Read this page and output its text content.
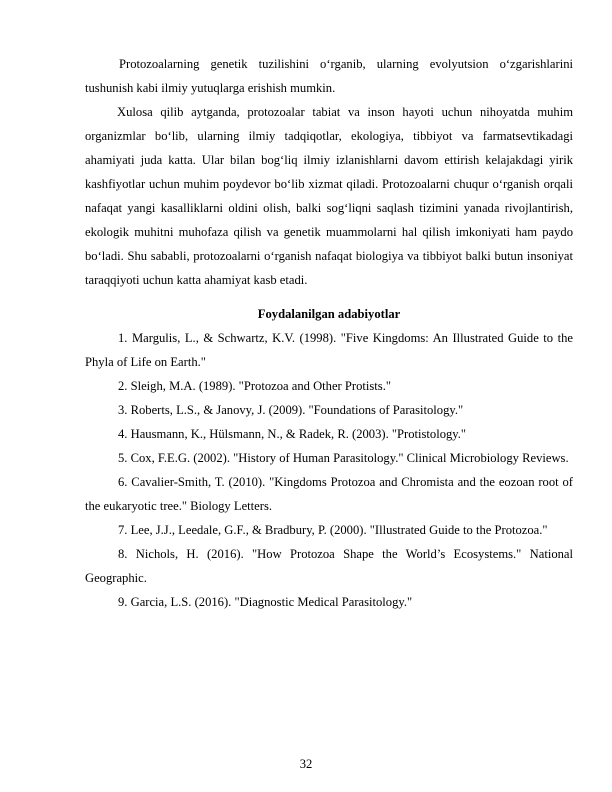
Protozoalarning genetik tuzilishini o‘rganib, ularning evolyutsion o‘zgarishlarini tushunish kabi ilmiy yutuqlarga erishish mumkin.

Xulosa qilib aytganda, protozoalar tabiat va inson hayoti uchun nihoyatda muhim organizmlar bo‘lib, ularning ilmiy tadqiqotlar, ekologiya, tibbiyot va farmatsevtikadagi ahamiyati juda katta. Ular bilan bog‘liq ilmiy izlanishlarni davom ettirish kelajakdagi yirik kashfiyotlar uchun muhim poydevor bo‘lib xizmat qiladi. Protozoalarni chuqur o‘rganish orqali nafaqat yangi kasalliklarni oldini olish, balki sog‘liqni saqlash tizimini yanada rivojlantirish, ekologik muhitni muhofaza qilish va genetik muammolarni hal qilish imkoniyati ham paydo bo‘ladi. Shu sababli, protozoalarni o‘rganish nafaqat biologiya va tibbiyot balki butun insoniyat taraqqiyoti uchun katta ahamiyat kasb etadi.

Foydalanilgan adabiyotlar

1. Margulis, L., & Schwartz, K.V. (1998). "Five Kingdoms: An Illustrated Guide to the Phyla of Life on Earth."

2. Sleigh, M.A. (1989). "Protozoa and Other Protists."

3. Roberts, L.S., & Janovy, J. (2009). "Foundations of Parasitology."

4. Hausmann, K., Hülsmann, N., & Radek, R. (2003). "Protistology."

5. Cox, F.E.G. (2002). "History of Human Parasitology." Clinical Microbiology Reviews.

6. Cavalier-Smith, T. (2010). "Kingdoms Protozoa and Chromista and the eozoan root of the eukaryotic tree." Biology Letters.

7. Lee, J.J., Leedale, G.F., & Bradbury, P. (2000). "Illustrated Guide to the Protozoa."

8. Nichols, H. (2016). "How Protozoa Shape the World’s Ecosystems." National Geographic.

9. Garcia, L.S. (2016). "Diagnostic Medical Parasitology."

32
